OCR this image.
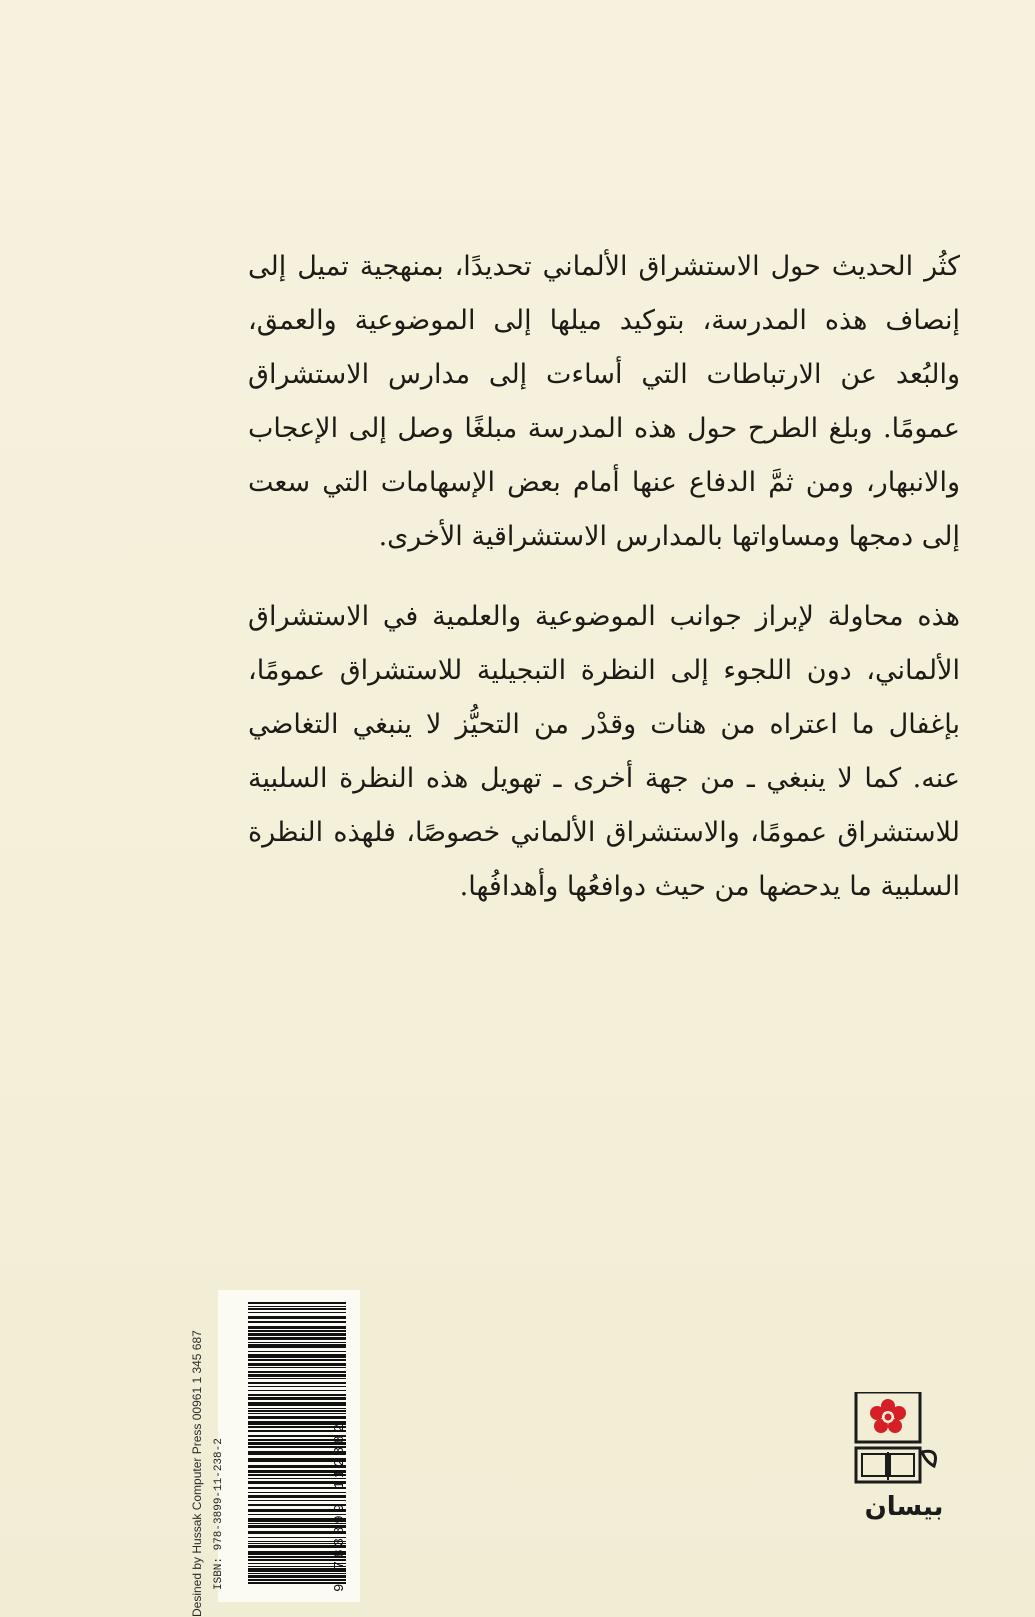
كثُر الحديث حول الاستشراق الألماني تحديدًا، بمنهجية تميل إلى إنصاف هذه المدرسة، بتوكيد ميلها إلى الموضوعية والعمق، والبُعد عن الارتباطات التي أساءت إلى مدارس الاستشراق عمومًا. وبلغ الطرح حول هذه المدرسة مبلغًا وصل إلى الإعجاب والانبهار، ومن ثمَّ الدفاع عنها أمام بعض الإسهامات التي سعت إلى دمجها ومساواتها بالمدارس الاستشراقية الأخرى.

هذه محاولة لإبراز جوانب الموضوعية والعلمية في الاستشراق الألماني، دون اللجوء إلى النظرة التبجيلية للاستشراق عمومًا، بإغفال ما اعتراه من هنات وقدْر من التحيُّز لا ينبغي التغاضي عنه. كما لا ينبغي ـ من جهة أخرى ـ تهويل هذه النظرة السلبية للاستشراق عمومًا، والاستشراق الألماني خصوصًا، فلهذه النظرة السلبية ما يدحضها من حيث دوافعُها وأهدافُها.

Desined by Hussak Computer Press 00961 1 345 687 ISBN: 978-3899-11-238-2	9 783899 112382	بيسان
